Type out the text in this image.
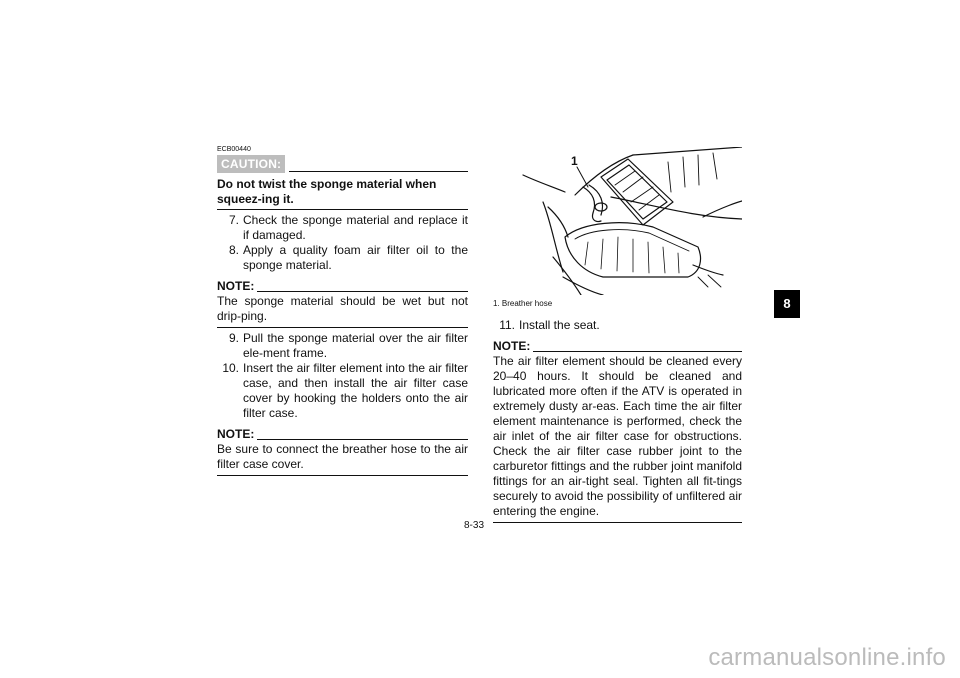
ECB00440
CAUTION:
Do not twist the sponge material when squeez-ing it.
7. Check the sponge material and replace it if damaged.
8. Apply a quality foam air filter oil to the sponge material.
NOTE:
The sponge material should be wet but not drip-ping.
9. Pull the sponge material over the air filter ele-ment frame.
10. Insert the air filter element into the air filter case, and then install the air filter case cover by hooking the holders onto the air filter case.
NOTE:
Be sure to connect the breather hose to the air filter case cover.
1
1. Breather hose
11. Install the seat.
NOTE:
The air filter element should be cleaned every 20–40 hours. It should be cleaned and lubricated more often if the ATV is operated in extremely dusty ar-eas. Each time the air filter element maintenance is performed, check the air inlet of the air filter case for obstructions. Check the air filter case rubber joint to the carburetor fittings and the rubber joint manifold fittings for an air-tight seal. Tighten all fit-tings securely to avoid the possibility of unfiltered air entering the engine.
8-33
8
carmanualsonline.info
